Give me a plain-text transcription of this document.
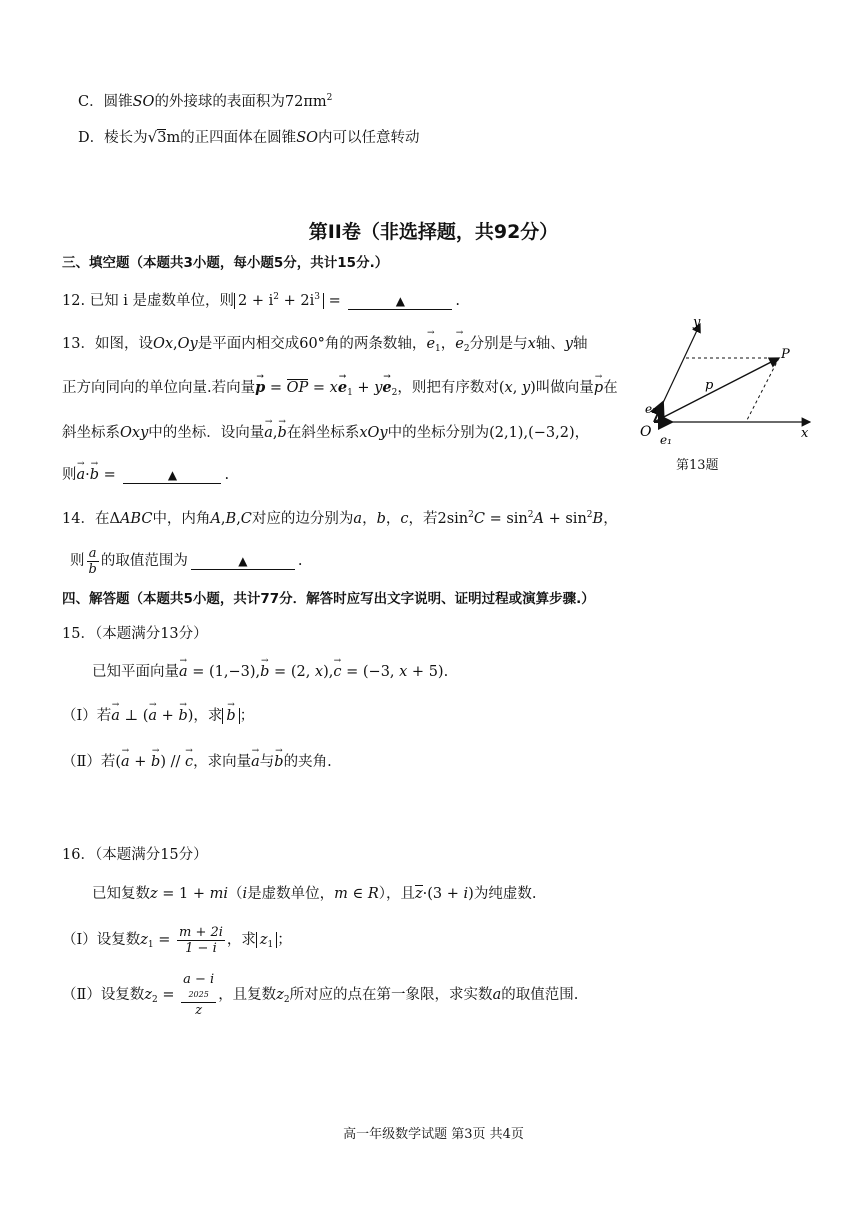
C．圆锥SO的外接球的表面积为$72\pi m^2$
D．棱长为√3m的正四面体在圆锥SO内可以任意转动
第II卷（非选择题，共92分）
三、填空题（本题共3小题，每小题5分，共计15分.）
12. 已知 i 是虚数单位，则 $2 + i^2 + 2i^3$ =	▲	.
13．如图，设Ox,Oy是平面内相交成60°角的两条数轴，→ $e_1$，→ $e_2$分别是与x轴、y轴
正方向同向的单位向量.若向量→ p = OP = $x\to e_1 + y\to e_2$，则把有序数对(x, y)叫做向量→ p在
斜坐标系Oxy中的坐标．设向量→ a,→ b在斜坐标系xOy中的坐标分别为(2,1),(−3,2)，
则→ a·→ b =	▲	.
y
x
O
P
p
e₁
e₂
第13题
14．在ΔABC中，内角A,B,C对应的边分别为a，b，c，若$2\sin^2C = \sin^2A + \sin^2B$，
则 $\frac{a}{b}$ 的取值范围为	▲	.
四、解答题（本题共5小题，共计77分．解答时应写出文字说明、证明过程或演算步骤.）
15．（本题满分13分）
已知平面向量→ a = (1,−3),→ b = (2, x),→ c = (−3, x + 5).
（Ⅰ）若→ a ⊥ (→ a + → b)，求→ b ；
（Ⅱ）若(→ a + → b) // → c，求向量→ a与→ b的夹角.
16．（本题满分15分）
已知复数z = 1 + mi（i是虚数单位，m ∈ R），且z·(3 + i)为纯虚数.
（Ⅰ）设复数$z_1 = \frac{m + 2i}{1 - i}$ ，求 $z_1$ ；
（Ⅱ）设复数$z_2 = a - i$
2025
z ，且复数$z_2$所对应的点在第一象限，求实数a的取值范围.
高一年级数学试题 第3页 共4页
